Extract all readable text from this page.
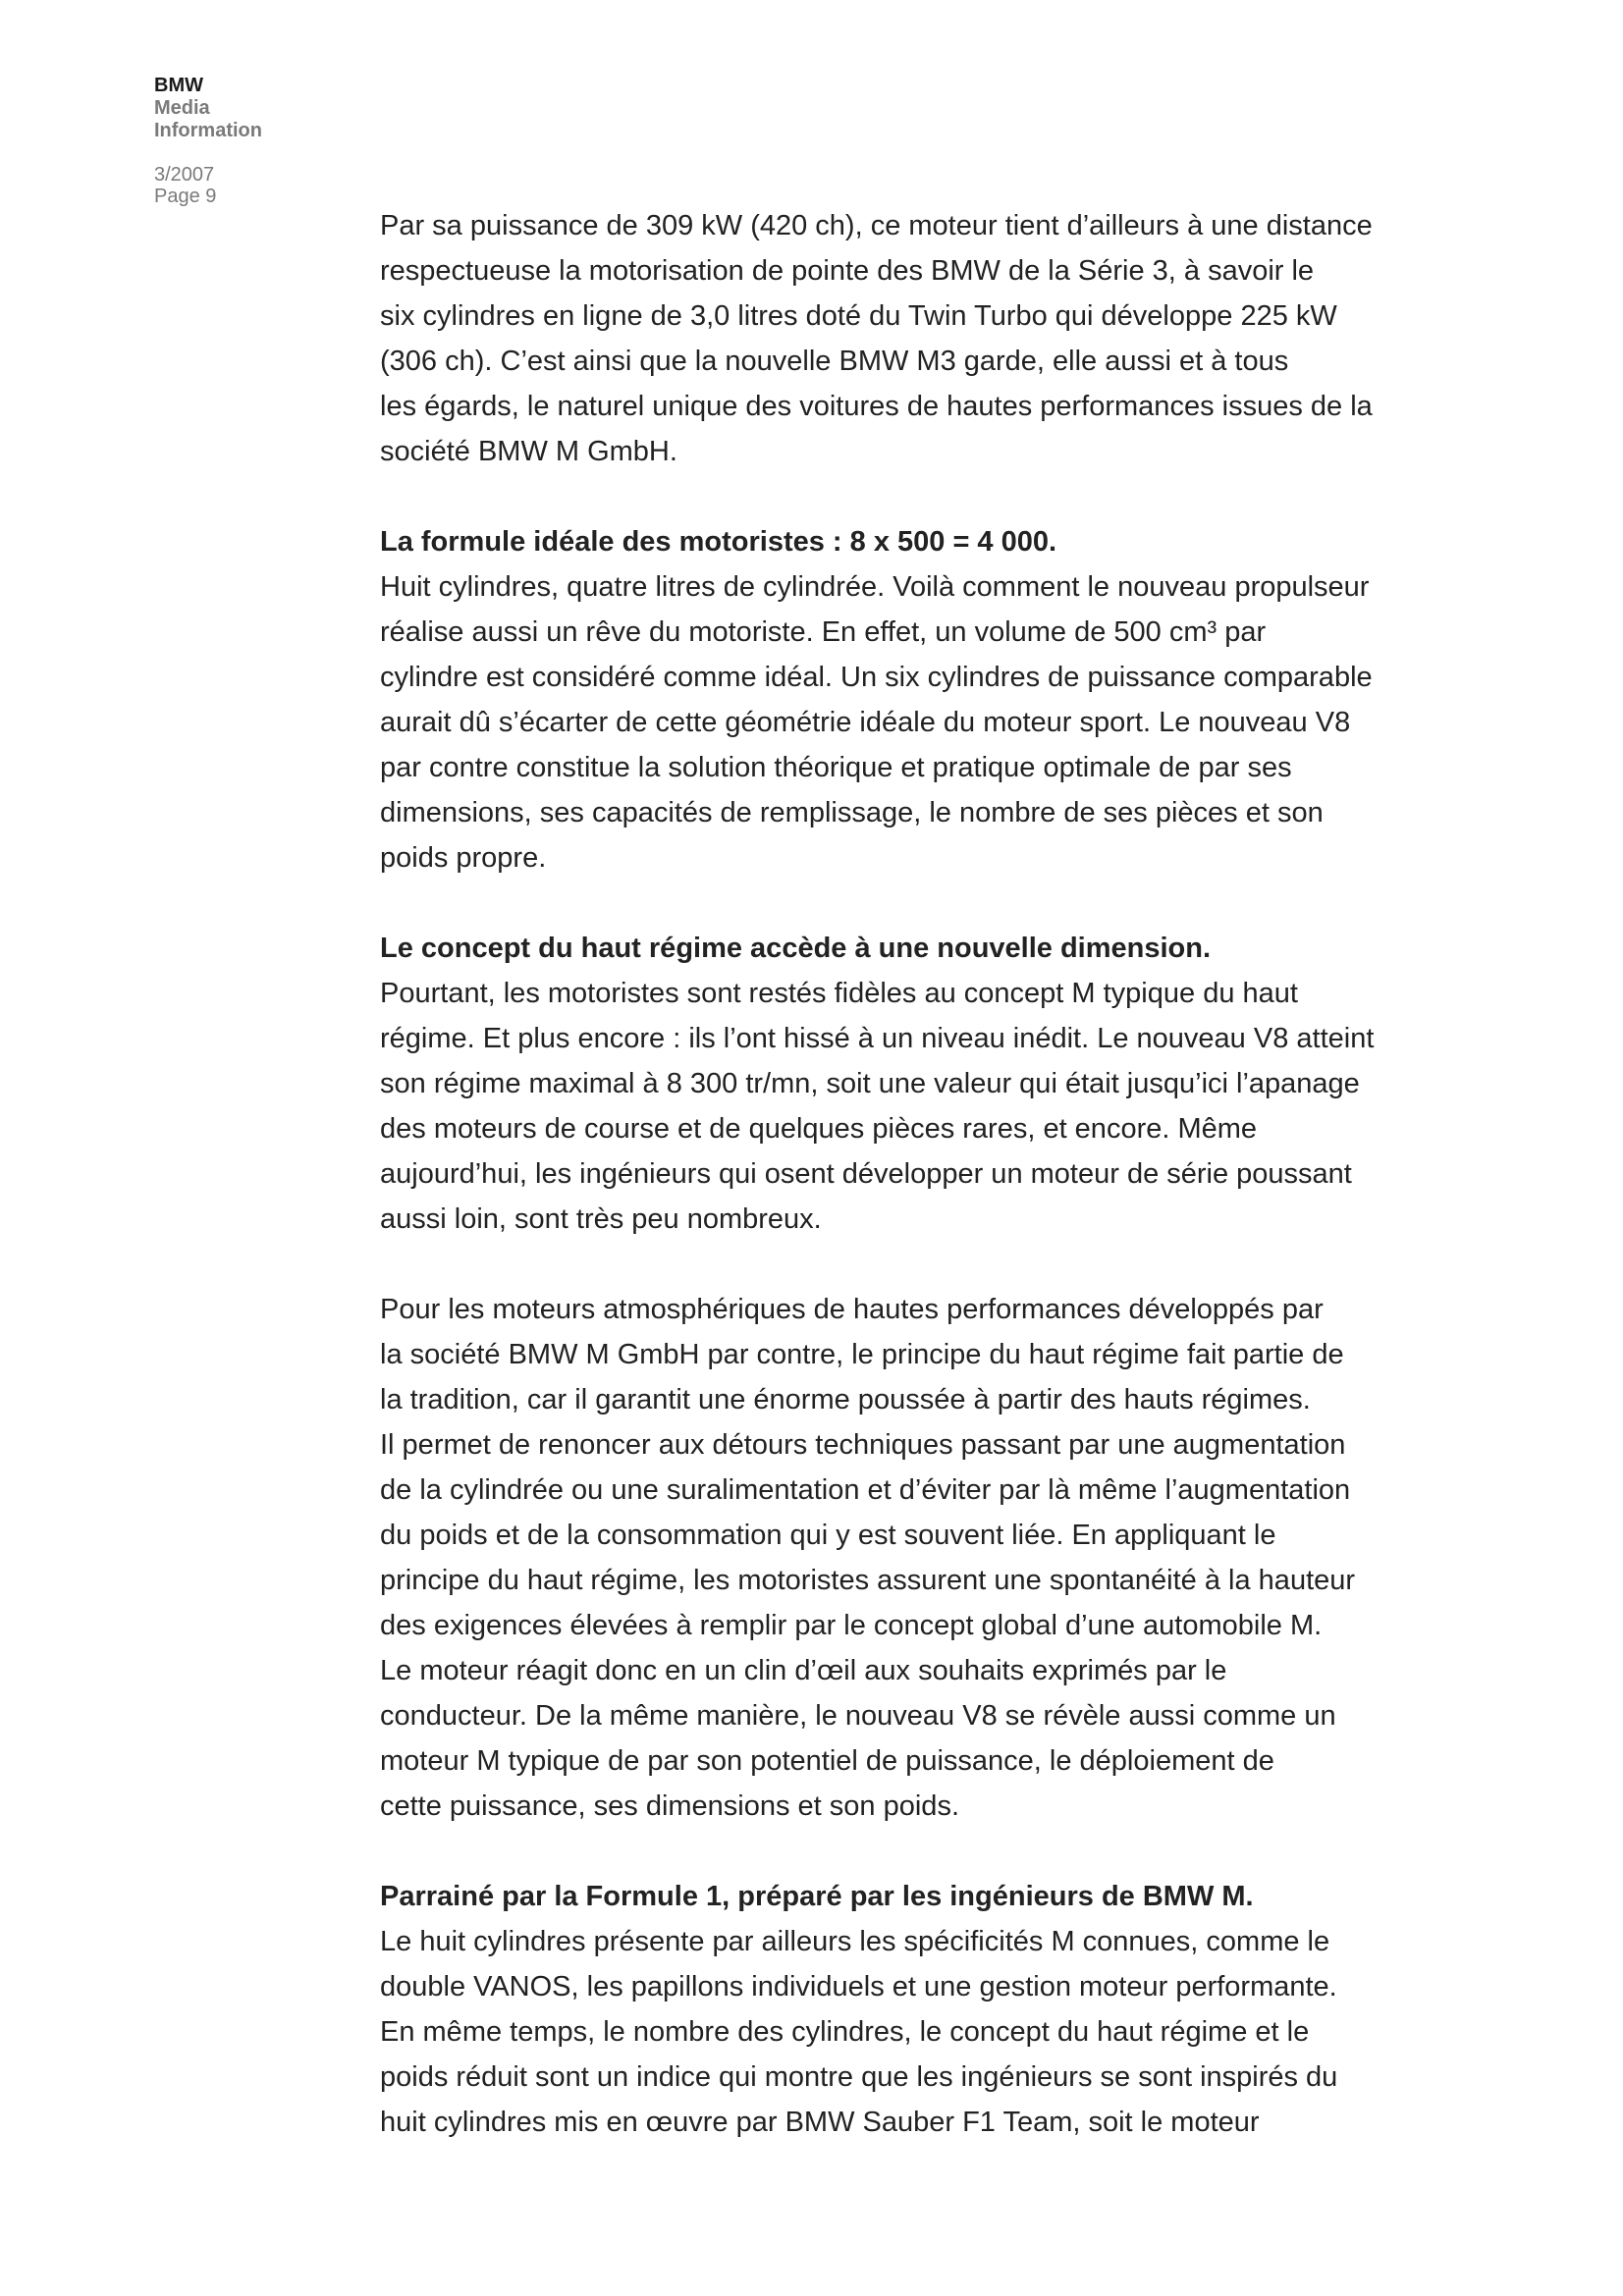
BMW

Media

Information

3/2007
Page 9
Par sa puissance de 309 kW (420 ch), ce moteur tient d’ailleurs à une distance
respectueuse la motorisation de pointe des BMW de la Série 3, à savoir le
six cylindres en ligne de 3,0 litres doté du Twin Turbo qui développe 225 kW
(306 ch). C’est ainsi que la nouvelle BMW M3 garde, elle aussi et à tous
les égards, le naturel unique des voitures de hautes performances issues de la
société BMW M GmbH.
La formule idéale des motoristes : 8 x 500 = 4 000.
Huit cylindres, quatre litres de cylindrée. Voilà comment le nouveau propulseur
réalise aussi un rêve du motoriste. En effet, un volume de 500 cm³ par
cylindre est considéré comme idéal. Un six cylindres de puissance comparable
aurait dû s’écarter de cette géométrie idéale du moteur sport. Le nouveau V8
par contre constitue la solution théorique et pratique optimale de par ses
dimensions, ses capacités de remplissage, le nombre de ses pièces et son
poids propre.
Le concept du haut régime accède à une nouvelle dimension.
Pourtant, les motoristes sont restés fidèles au concept M typique du haut
régime. Et plus encore : ils l’ont hissé à un niveau inédit. Le nouveau V8 atteint
son régime maximal à 8 300 tr/mn, soit une valeur qui était jusqu’ici l’apanage
des moteurs de course et de quelques pièces rares, et encore. Même
aujourd’hui, les ingénieurs qui osent développer un moteur de série poussant
aussi loin, sont très peu nombreux.
Pour les moteurs atmosphériques de hautes performances développés par
la société BMW M GmbH par contre, le principe du haut régime fait partie de
la tradition, car il garantit une énorme poussée à partir des hauts régimes.
Il permet de renoncer aux détours techniques passant par une augmentation
de la cylindrée ou une suralimentation et d’éviter par là même l’augmentation
du poids et de la consommation qui y est souvent liée. En appliquant le
principe du haut régime, les motoristes assurent une spontanéité à la hauteur
des exigences élevées à remplir par le concept global d’une automobile M.
Le moteur réagit donc en un clin d’œil aux souhaits exprimés par le
conducteur. De la même manière, le nouveau V8 se révèle aussi comme un
moteur M typique de par son potentiel de puissance, le déploiement de
cette puissance, ses dimensions et son poids.
Parrainé par la Formule 1, préparé par les ingénieurs de BMW M.
Le huit cylindres présente par ailleurs les spécificités M connues, comme le
double VANOS, les papillons individuels et une gestion moteur performante.
En même temps, le nombre des cylindres, le concept du haut régime et le
poids réduit sont un indice qui montre que les ingénieurs se sont inspirés du
huit cylindres mis en œuvre par BMW Sauber F1 Team, soit le moteur
